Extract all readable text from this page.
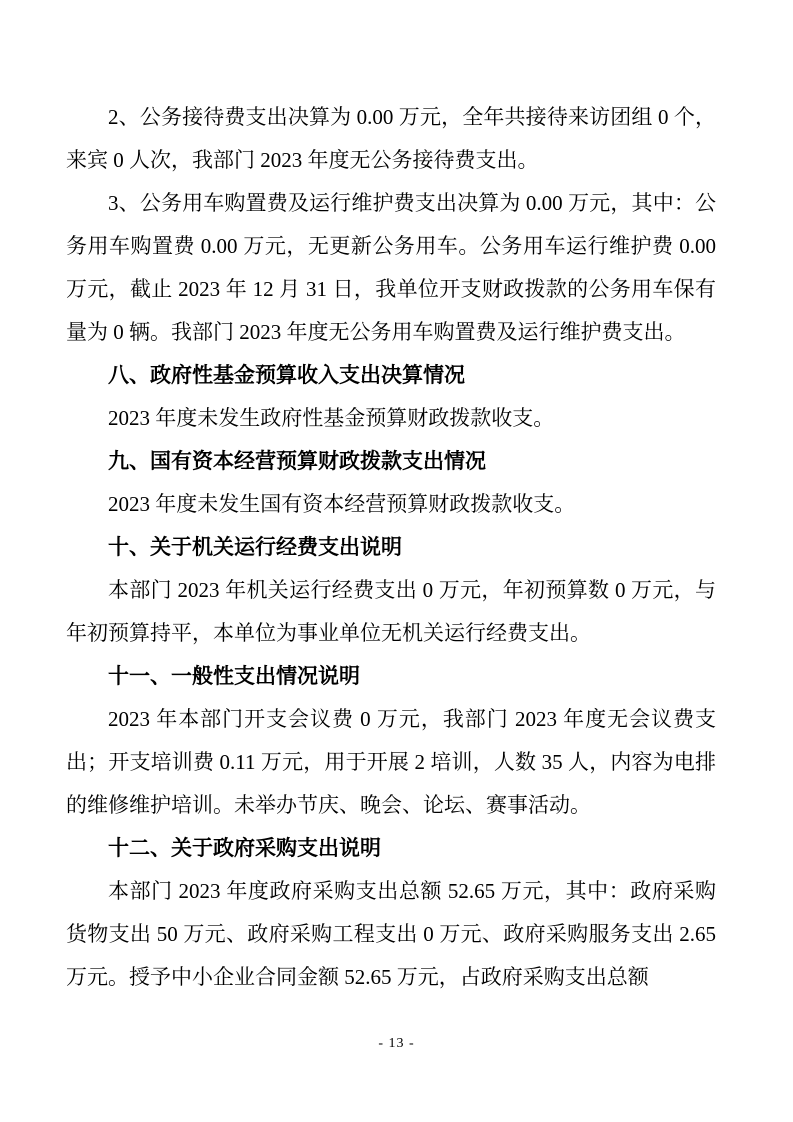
2、公务接待费支出决算为 0.00 万元，全年共接待来访团组 0 个，来宾 0 人次，我部门 2023 年度无公务接待费支出。

3、公务用车购置费及运行维护费支出决算为 0.00 万元，其中：公务用车购置费 0.00 万元，无更新公务用车。公务用车运行维护费 0.00 万元，截止 2023 年 12 月 31 日，我单位开支财政拨款的公务用车保有量为 0 辆。我部门 2023 年度无公务用车购置费及运行维护费支出。

八、政府性基金预算收入支出决算情况

2023 年度未发生政府性基金预算财政拨款收支。

九、国有资本经营预算财政拨款支出情况

2023 年度未发生国有资本经营预算财政拨款收支。

十、关于机关运行经费支出说明

本部门 2023 年机关运行经费支出 0 万元，年初预算数 0 万元，与年初预算持平，本单位为事业单位无机关运行经费支出。

十一、一般性支出情况说明

2023 年本部门开支会议费 0 万元，我部门 2023 年度无会议费支出；开支培训费 0.11 万元，用于开展 2 培训，人数 35 人，内容为电排的维修维护培训。未举办节庆、晚会、论坛、赛事活动。

十二、关于政府采购支出说明

本部门 2023 年度政府采购支出总额 52.65 万元，其中：政府采购货物支出 50 万元、政府采购工程支出 0 万元、政府采购服务支出 2.65 万元。授予中小企业合同金额 52.65 万元，占政府采购支出总额

- 13 -
